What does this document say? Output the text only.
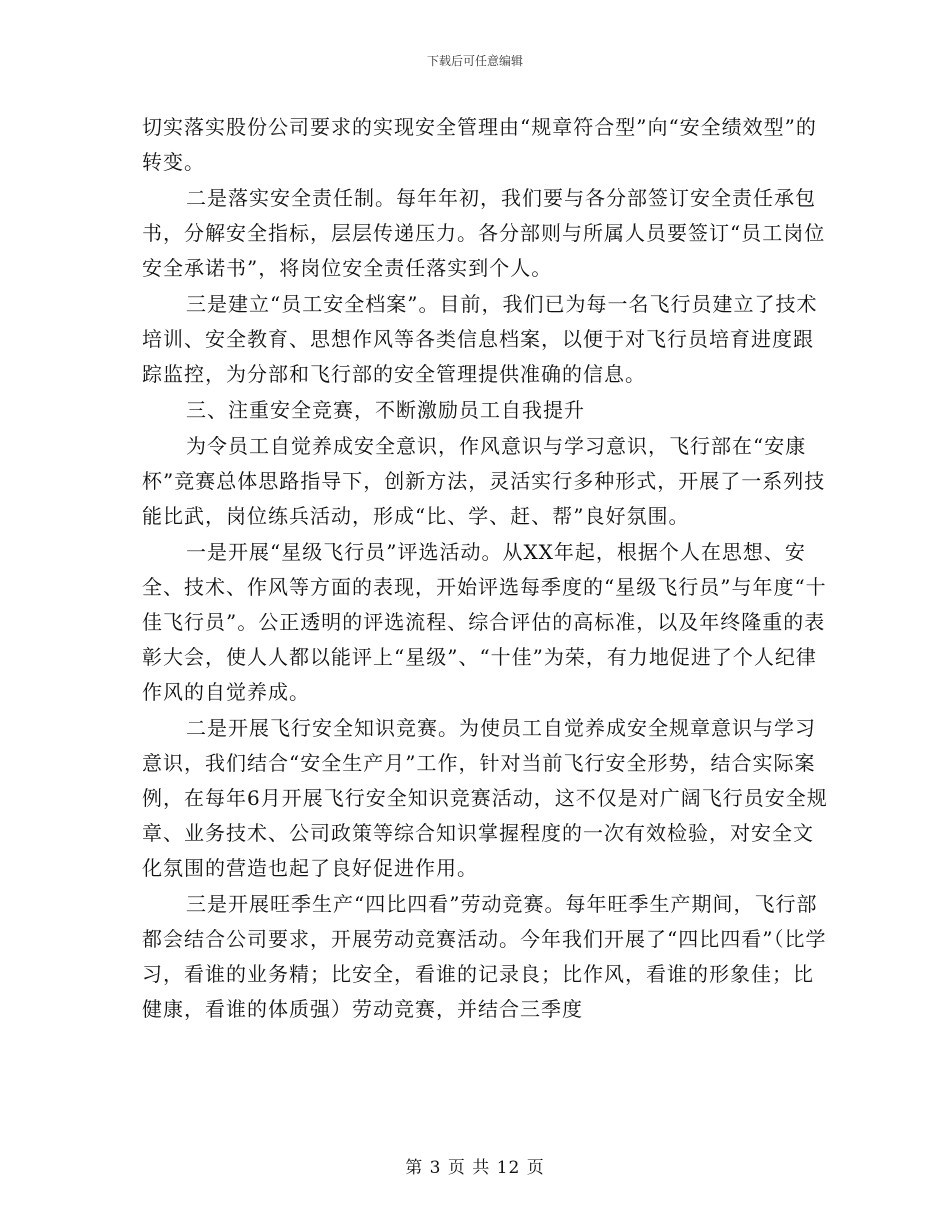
下载后可任意编辑

切实落实股份公司要求的实现安全管理由“规章符合型”向“安全绩效型”的转变。

二是落实安全责任制。每年年初，我们要与各分部签订安全责任承包书，分解安全指标，层层传递压力。各分部则与所属人员要签订“员工岗位安全承诺书”，将岗位安全责任落实到个人。

三是建立“员工安全档案”。目前，我们已为每一名飞行员建立了技术培训、安全教育、思想作风等各类信息档案，以便于对飞行员培育进度跟踪监控，为分部和飞行部的安全管理提供准确的信息。

三、注重安全竞赛，不断激励员工自我提升

为令员工自觉养成安全意识，作风意识与学习意识，飞行部在“安康杯”竞赛总体思路指导下，创新方法，灵活实行多种形式，开展了一系列技能比武，岗位练兵活动，形成“比、学、赶、帮”良好氛围。

一是开展“星级飞行员”评选活动。从XX年起，根据个人在思想、安全、技术、作风等方面的表现，开始评选每季度的“星级飞行员”与年度“十佳飞行员”。公正透明的评选流程、综合评估的高标准，以及年终隆重的表彰大会，使人人都以能评上“星级”、“十佳”为荣，有力地促进了个人纪律作风的自觉养成。

二是开展飞行安全知识竞赛。为使员工自觉养成安全规章意识与学习意识，我们结合“安全生产月”工作，针对当前飞行安全形势，结合实际案例，在每年6月开展飞行安全知识竞赛活动，这不仅是对广阔飞行员安全规章、业务技术、公司政策等综合知识掌握程度的一次有效检验，对安全文化氛围的营造也起了良好促进作用。

三是开展旺季生产“四比四看”劳动竞赛。每年旺季生产期间，飞行部都会结合公司要求，开展劳动竞赛活动。今年我们开展了“四比四看”（比学习，看谁的业务精；比安全，看谁的记录良；比作风，看谁的形象佳；比健康，看谁的体质强）劳动竞赛，并结合三季度

第 3 页 共 12 页
